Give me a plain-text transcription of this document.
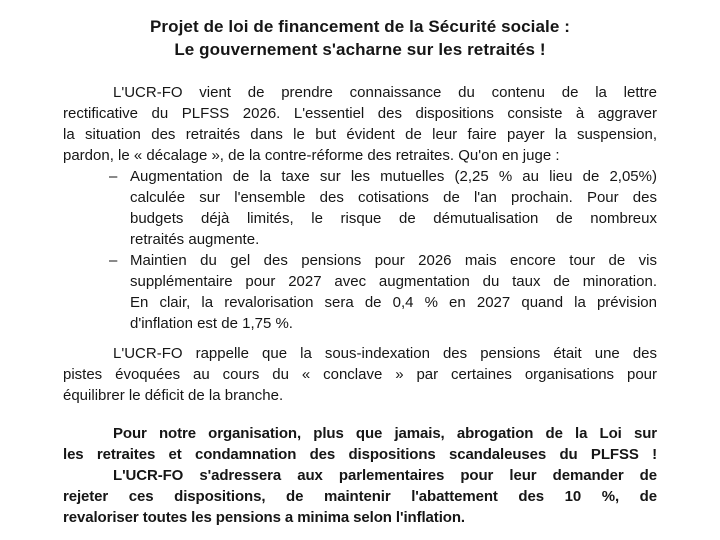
Projet de loi de financement de la Sécurité sociale :
Le gouvernement s'acharne sur les retraités !
L'UCR-FO vient de prendre connaissance du contenu de la lettre
rectificative du PLFSS 2026. L'essentiel des dispositions consiste à aggraver
la situation des retraités dans le but évident de leur faire payer la suspension,
pardon, le « décalage », de la contre-réforme des retraites. Qu'on en juge :
– Augmentation de la taxe sur les mutuelles (2,25 % au lieu de 2,05%)
calculée sur l'ensemble des cotisations de l'an prochain. Pour des
budgets déjà limités, le risque de démutualisation de nombreux
retraités augmente.
– Maintien du gel des pensions pour 2026 mais encore tour de vis
supplémentaire pour 2027 avec augmentation du taux de minoration.
En clair, la revalorisation sera de 0,4 % en 2027 quand la prévision
d'inflation est de 1,75 %.
L'UCR-FO rappelle que la sous-indexation des pensions était une des
pistes évoquées au cours du « conclave » par certaines organisations pour
équilibrer le déficit de la branche.
Pour notre organisation, plus que jamais, abrogation de la Loi sur
les retraites et condamnation des dispositions scandaleuses du PLFSS !
L'UCR-FO s'adressera aux parlementaires pour leur demander de
rejeter ces dispositions, de maintenir l'abattement des 10 %, de
revaloriser toutes les pensions a minima selon l'inflation.
